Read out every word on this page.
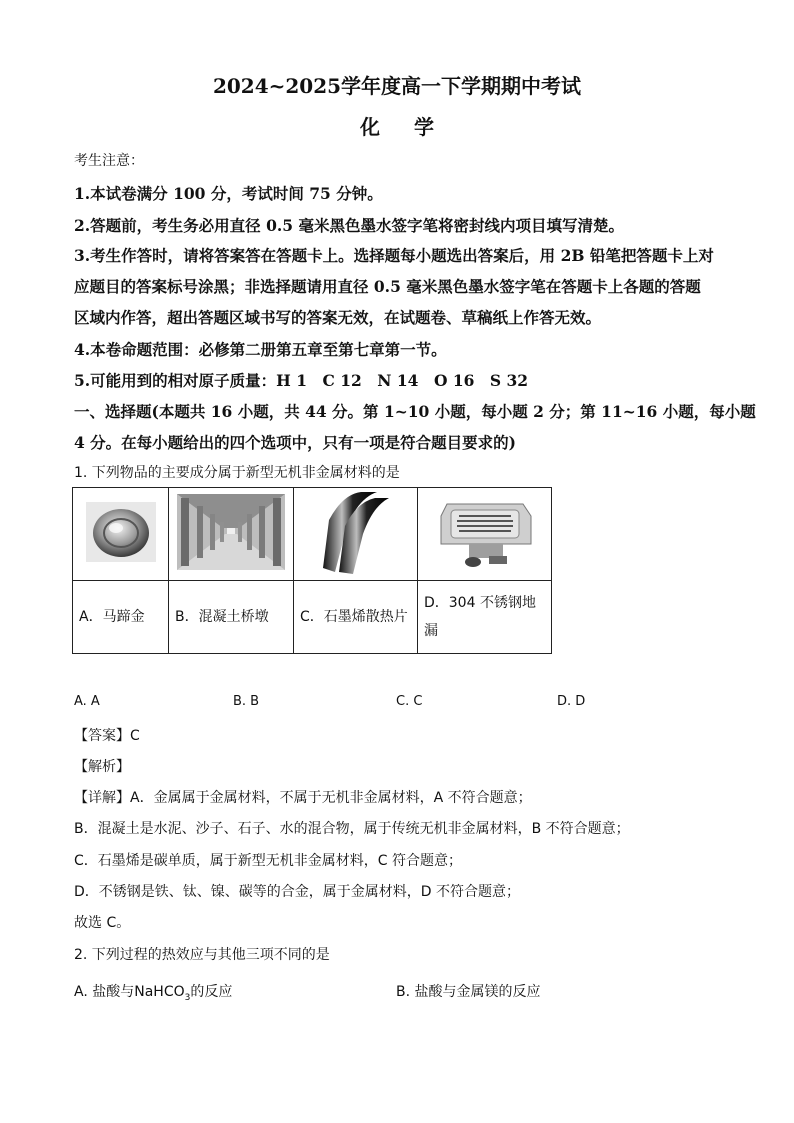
2024~2025学年度高一下学期期中考试
化学
考生注意：
1.本试卷满分 100 分，考试时间 75 分钟。
2.答题前，考生务必用直径 0.5 毫米黑色墨水签字笔将密封线内项目填写清楚。
3.考生作答时，请将答案答在答题卡上。选择题每小题选出答案后，用 2B 铅笔把答题卡上对
应题目的答案标号涂黑；非选择题请用直径 0.5 毫米黑色墨水签字笔在答题卡上各题的答题
区域内作答，超出答题区域书写的答案无效，在试题卷、草稿纸上作答无效。
4.本卷命题范围：必修第二册第五章至第七章第一节。
5.可能用到的相对原子质量：H 1　C 12　N 14　O 16　S 32
一、选择题(本题共 16 小题，共 44 分。第 1~10 小题，每小题 2 分；第 11~16 小题，每小题
4 分。在每小题给出的四个选项中，只有一项是符合题目要求的)
1. 下列物品的主要成分属于新型无机非金属材料的是

A．马蹄金	B．混凝土桥墩	C．石墨烯散热片	D．304 不锈钢地
漏
A. A	B. B	C. C	D. D
【答案】C
【解析】
【详解】A．金属属于金属材料，不属于无机非金属材料，A 不符合题意；
B．混凝土是水泥、沙子、石子、水的混合物，属于传统无机非金属材料，B 不符合题意；
C．石墨烯是碳单质，属于新型无机非金属材料，C 符合题意；
D．不锈钢是铁、钛、镍、碳等的合金，属于金属材料，D 不符合题意；
故选 C。
2. 下列过程的热效应与其他三项不同的是
A. 盐酸与NaHCO$_3$的反应	B. 盐酸与金属镁的反应
